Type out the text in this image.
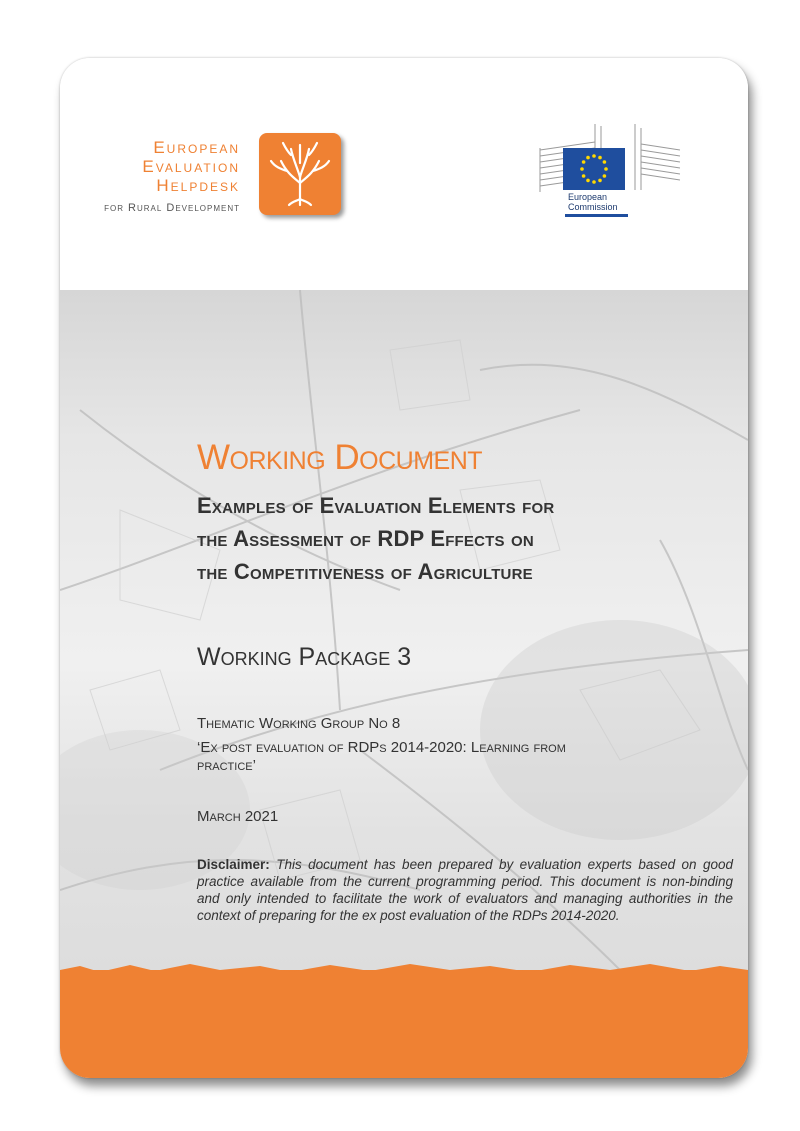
European
Evaluation
Helpdesk
for Rural Development
European
Commission
Working Document
Examples of Evaluation Elements for
the Assessment of RDP Effects on
the Competitiveness of Agriculture
Working Package 3
Thematic Working Group No 8
‘Ex post evaluation of RDPs 2014-2020: Learning from
practice’
March 2021
Disclaimer: This document has been prepared by evaluation experts based on good practice available from the current programming period. This document is non-binding and only intended to facilitate the work of evaluators and managing authorities in the context of preparing for the ex post evaluation of the RDPs 2014-2020.
